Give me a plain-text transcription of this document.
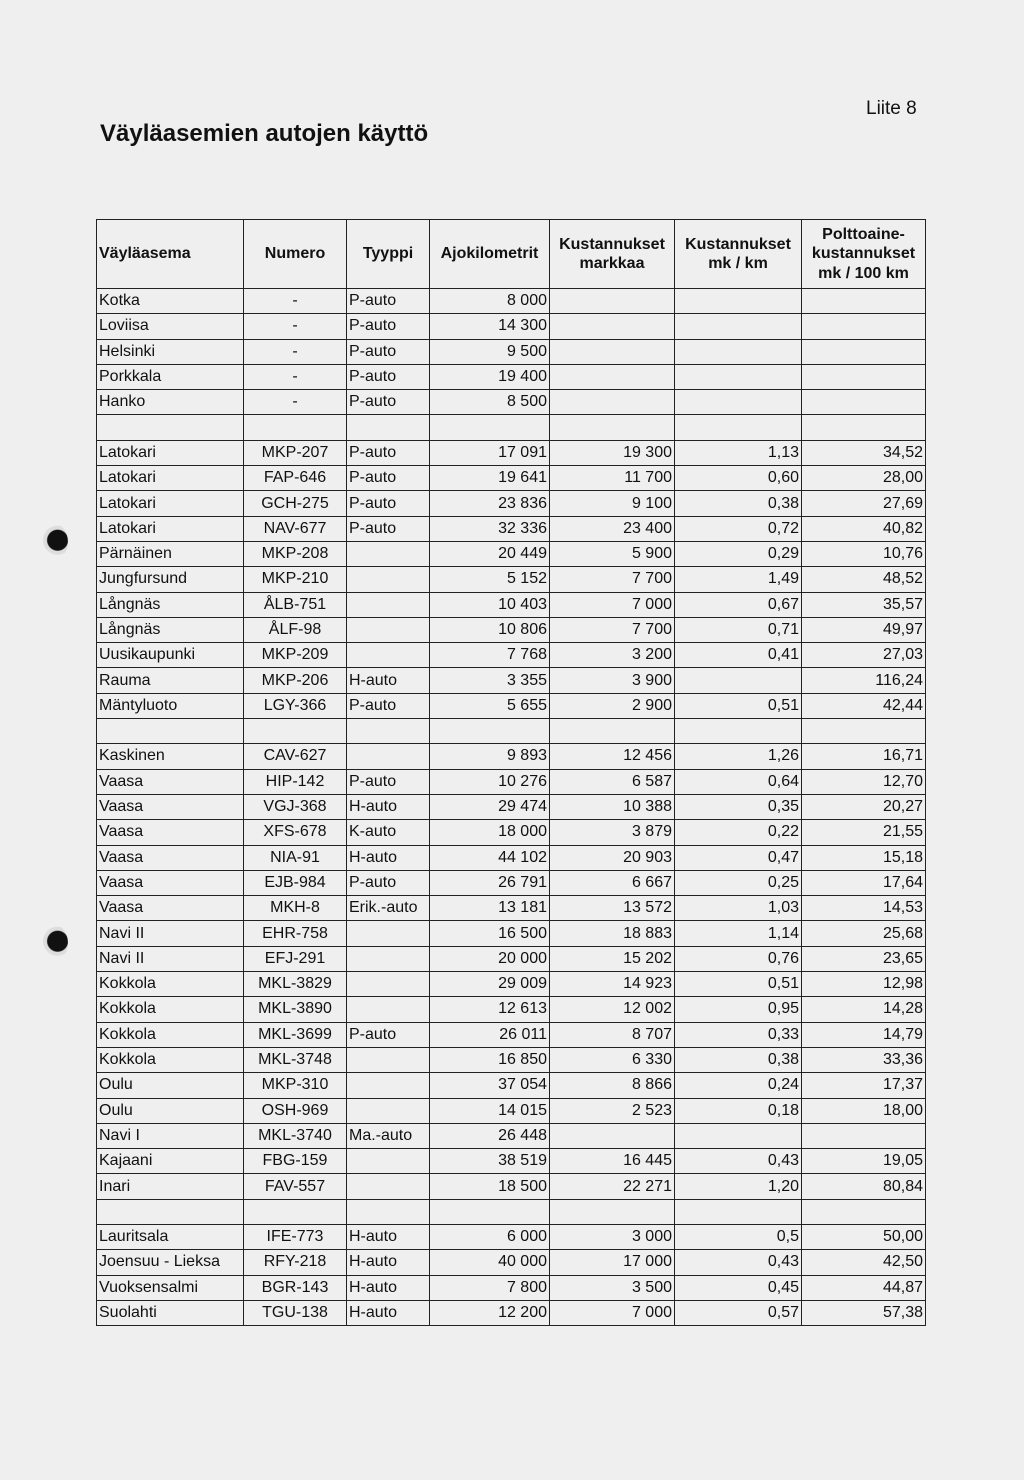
Väyläasemien autojen käyttö
Liite 8
Väyläasema	Numero	Tyyppi	Ajokilometrit	Kustannukset markkaa	Kustannukset mk / km	Polttoaine-kustannukset mk / 100 km
Kotka	-	P-auto	8 000			
Loviisa	-	P-auto	14 300			
Helsinki	-	P-auto	9 500			
Porkkala	-	P-auto	19 400			
Hanko	-	P-auto	8 500			

Latokari	MKP-207	P-auto	17 091	19 300	1,13	34,52
Latokari	FAP-646	P-auto	19 641	11 700	0,60	28,00
Latokari	GCH-275	P-auto	23 836	9 100	0,38	27,69
Latokari	NAV-677	P-auto	32 336	23 400	0,72	40,82
Pärnäinen	MKP-208		20 449	5 900	0,29	10,76
Jungfursund	MKP-210		5 152	7 700	1,49	48,52
Långnäs	ÅLB-751		10 403	7 000	0,67	35,57
Långnäs	ÅLF-98		10 806	7 700	0,71	49,97
Uusikaupunki	MKP-209		7 768	3 200	0,41	27,03
Rauma	MKP-206	H-auto	3 355	3 900		116,24
Mäntyluoto	LGY-366	P-auto	5 655	2 900	0,51	42,44

Kaskinen	CAV-627		9 893	12 456	1,26	16,71
Vaasa	HIP-142	P-auto	10 276	6 587	0,64	12,70
Vaasa	VGJ-368	H-auto	29 474	10 388	0,35	20,27
Vaasa	XFS-678	K-auto	18 000	3 879	0,22	21,55
Vaasa	NIA-91	H-auto	44 102	20 903	0,47	15,18
Vaasa	EJB-984	P-auto	26 791	6 667	0,25	17,64
Vaasa	MKH-8	Erik.-auto	13 181	13 572	1,03	14,53
Navi II	EHR-758		16 500	18 883	1,14	25,68
Navi II	EFJ-291		20 000	15 202	0,76	23,65
Kokkola	MKL-3829		29 009	14 923	0,51	12,98
Kokkola	MKL-3890		12 613	12 002	0,95	14,28
Kokkola	MKL-3699	P-auto	26 011	8 707	0,33	14,79
Kokkola	MKL-3748		16 850	6 330	0,38	33,36
Oulu	MKP-310		37 054	8 866	0,24	17,37
Oulu	OSH-969		14 015	2 523	0,18	18,00
Navi I	MKL-3740	Ma.-auto	26 448			
Kajaani	FBG-159		38 519	16 445	0,43	19,05
Inari	FAV-557		18 500	22 271	1,20	80,84

Lauritsala	IFE-773	H-auto	6 000	3 000	0,5	50,00
Joensuu - Lieksa	RFY-218	H-auto	40 000	17 000	0,43	42,50
Vuoksensalmi	BGR-143	H-auto	7 800	3 500	0,45	44,87
Suolahti	TGU-138	H-auto	12 200	7 000	0,57	57,38
